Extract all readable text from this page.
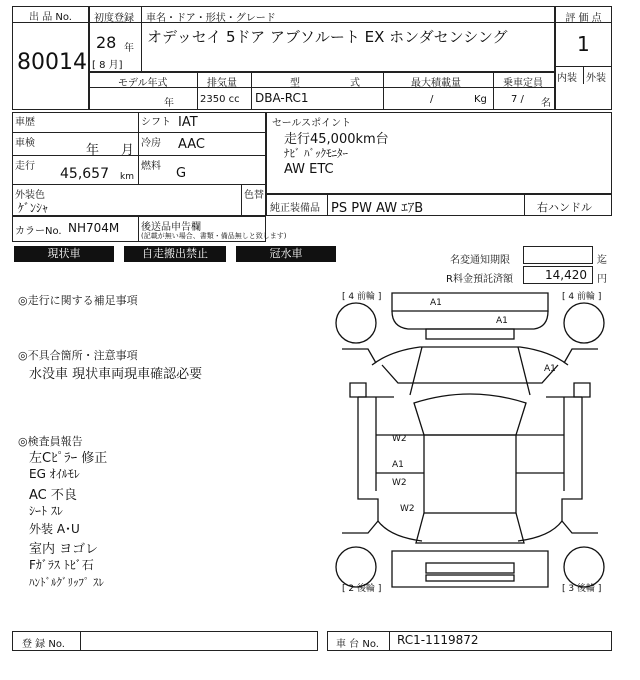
出 品 No.
80014
初度登録 車名・ドア・形状・グレード
28 年
[ 8 月]
オデッセイ 5ドア アブソルート EX ホンダセンシング
評 価 点
1
内装 外装
モデル年式
年
排気量
2350 cc
型	式
DBA-RC1
最大積載量
/	Kg
乗車定員
7 / 名
車歴	シフト IAT
車検	年 月 冷房 AAC
走行 45,657 km
燃料 G
外装色
ｹﾞﾝｼｬ
色替
カラーNo. NH704M 後送品申告欄
(記載が無い場合、書類・備品無しと致します)
セールスポイント
走行45,000km台
ﾅﾋﾞ ﾊﾞｯｸﾓﾆﾀｰ
AW ETC
純正装備品 PS PW AW ｴｱB	右ハンドル
現状車	自走搬出禁止	冠水車
名変通知期限	迄
R料金預託済額	14,420 円
◎走行に関する補足事項
◎不具合箇所・注意事項
水没車 現状車両現車確認必要
◎検査員報告
左Cﾋﾟﾗｰ 修正
EG ｵｲﾙﾓﾚ
AC 不良
ｼｰﾄ ｽﾚ
外装 A･U
室内 ヨゴレ
Fｶﾞﾗｽ ﾄﾋﾞ石
ﾊﾝﾄﾞﾙｸﾞﾘｯﾌﾟ ｽﾚ
[ 4 前輪 ]	[ 4 前輪 ]
[ 2 後輪 ]	[ 3 後輪 ]
A1
A1
A1
W2
A1
W2
W2
登 録 No.	車 台 No. RC1-1119872
